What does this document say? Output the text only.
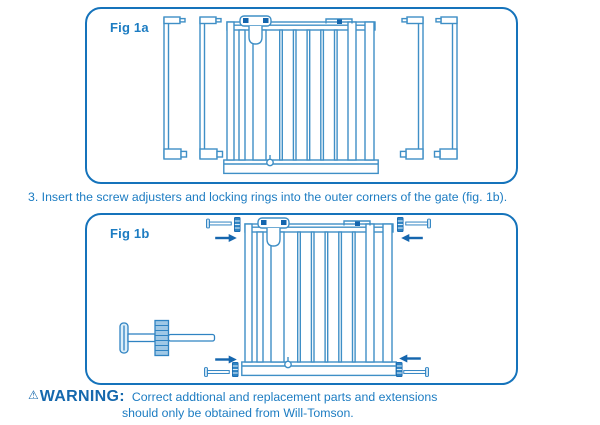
Fig 1a
3. Insert the screw adjusters and locking rings into the outer corners of the gate (fig. 1b).
Fig 1b
⚠WARNING: Correct addtional and replacement parts and extensions
should only be obtained from Will-Tomson.
